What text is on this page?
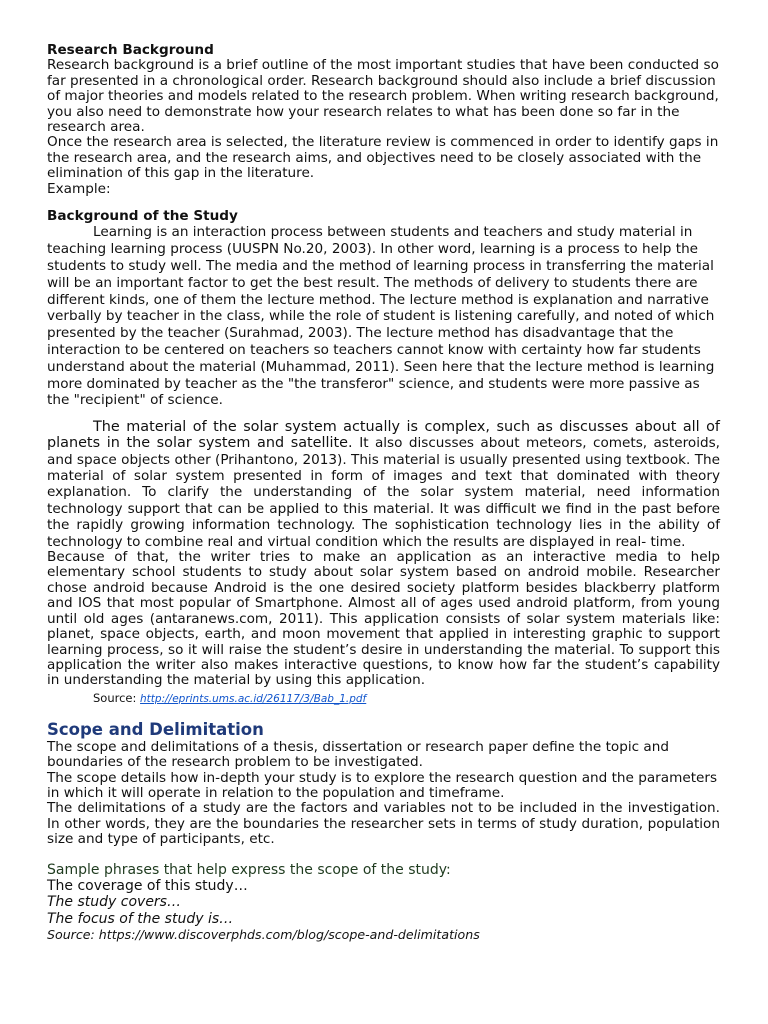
Research Background

Research background is a brief outline of the most important studies that have been conducted so far presented in a chronological order. Research background should also include a brief discussion of major theories and models related to the research problem. When writing research background, you also need to demonstrate how your research relates to what has been done so far in the research area.

Once the research area is selected, the literature review is commenced in order to identify gaps in the research area, and the research aims, and objectives need to be closely associated with the elimination of this gap in the literature.

Example:

Background of the Study

Learning is an interaction process between students and teachers and study material in teaching learning process (UUSPN No.20, 2003). In other word, learning is a process to help the students to study well. The media and the method of learning process in transferring the material will be an important factor to get the best result. The methods of delivery to students there are different kinds, one of them the lecture method. The lecture method is explanation and narrative verbally by teacher in the class, while the role of student is listening carefully, and noted of which presented by the teacher (Surahmad, 2003). The lecture method has disadvantage that the interaction to be centered on teachers so teachers cannot know with certainty how far students understand about the material (Muhammad, 2011). Seen here that the lecture method is learning more dominated by teacher as the "the transferor" science, and students were more passive as the "recipient" of science.

The material of the solar system actually is complex, such as discusses about all of planets in the solar system and satellite. It also discusses about meteors, comets, asteroids, and space objects other (Prihantono, 2013). This material is usually presented using textbook. The material of solar system presented in form of images and text that dominated with theory explanation. To clarify the understanding of the solar system material, need information technology support that can be applied to this material. It was difficult we find in the past before the rapidly growing information technology. The sophistication technology lies in the ability of technology to combine real and virtual condition which the results are displayed in real- time.

Because of that, the writer tries to make an application as an interactive media to help elementary school students to study about solar system based on android mobile. Researcher chose android because Android is the one desired society platform besides blackberry platform and IOS that most popular of Smartphone. Almost all of ages used android platform, from young until old ages (antaranews.com, 2011). This application consists of solar system materials like: planet, space objects, earth, and moon movement that applied in interesting graphic to support learning process, so it will raise the student’s desire in understanding the material. To support this application the writer also makes interactive questions, to know how far the student’s capability in understanding the material by using this application.

Source: http://eprints.ums.ac.id/26117/3/Bab_1.pdf

Scope and Delimitation

The scope and delimitations of a thesis, dissertation or research paper define the topic and boundaries of the research problem to be investigated.

The scope details how in-depth your study is to explore the research question and the parameters in which it will operate in relation to the population and timeframe.

The delimitations of a study are the factors and variables not to be included in the investigation. In other words, they are the boundaries the researcher sets in terms of study duration, population size and type of participants, etc.

Sample phrases that help express the scope of the study:

The coverage of this study…

The study covers…

The focus of the study is…

Source: https://www.discoverphds.com/blog/scope-and-delimitations
